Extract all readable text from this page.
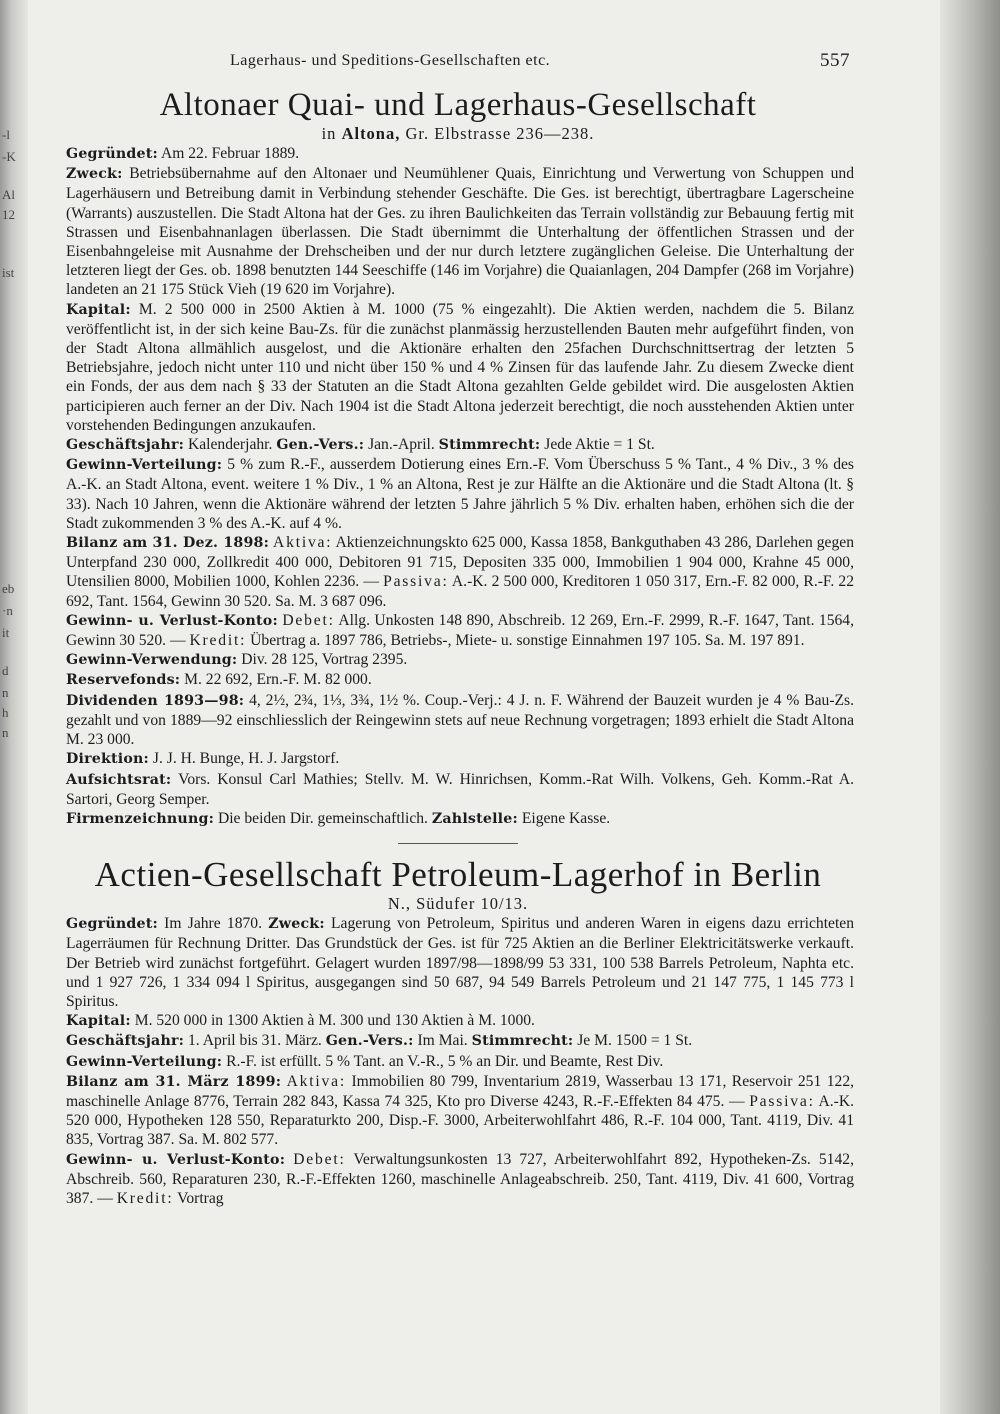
-l
-K
Al
12
ist
eb
·n
it
d
n
h
n
Lagerhaus- und Speditions-Gesellschaften etc.	557
Altonaer Quai- und Lagerhaus-Gesellschaft
in Altona, Gr. Elbstrasse 236—238.

Gegründet: Am 22. Februar 1889.

Zweck: Betriebsübernahme auf den Altonaer und Neumühlener Quais, Einrichtung und Verwertung von Schuppen und Lagerhäusern und Betreibung damit in Verbindung stehender Geschäfte. Die Ges. ist berechtigt, übertragbare Lagerscheine (Warrants) auszustellen. Die Stadt Altona hat der Ges. zu ihren Baulichkeiten das Terrain vollständig zur Bebauung fertig mit Strassen und Eisenbahnanlagen überlassen. Die Stadt übernimmt die Unterhaltung der öffentlichen Strassen und der Eisenbahngeleise mit Ausnahme der Drehscheiben und der nur durch letztere zugänglichen Geleise. Die Unterhaltung der letzteren liegt der Ges. ob. 1898 benutzten 144 Seeschiffe (146 im Vorjahre) die Quaianlagen, 204 Dampfer (268 im Vorjahre) landeten an 21 175 Stück Vieh (19 620 im Vorjahre).

Kapital: M. 2 500 000 in 2500 Aktien à M. 1000 (75 % eingezahlt). Die Aktien werden, nachdem die 5. Bilanz veröffentlicht ist, in der sich keine Bau-Zs. für die zunächst planmässig herzustellenden Bauten mehr aufgeführt finden, von der Stadt Altona allmählich ausgelost, und die Aktionäre erhalten den 25fachen Durchschnittsertrag der letzten 5 Betriebsjahre, jedoch nicht unter 110 und nicht über 150 % und 4 % Zinsen für das laufende Jahr. Zu diesem Zwecke dient ein Fonds, der aus dem nach § 33 der Statuten an die Stadt Altona gezahlten Gelde gebildet wird. Die ausgelosten Aktien participieren auch ferner an der Div. Nach 1904 ist die Stadt Altona jederzeit berechtigt, die noch ausstehenden Aktien unter vorstehenden Bedingungen anzukaufen.

Geschäftsjahr: Kalenderjahr. Gen.-Vers.: Jan.-April. Stimmrecht: Jede Aktie = 1 St.

Gewinn-Verteilung: 5 % zum R.-F., ausserdem Dotierung eines Ern.-F. Vom Überschuss 5 % Tant., 4 % Div., 3 % des A.-K. an Stadt Altona, event. weitere 1 % Div., 1 % an Altona, Rest je zur Hälfte an die Aktionäre und die Stadt Altona (lt. § 33). Nach 10 Jahren, wenn die Aktionäre während der letzten 5 Jahre jährlich 5 % Div. erhalten haben, erhöhen sich die der Stadt zukommenden 3 % des A.-K. auf 4 %.

Bilanz am 31. Dez. 1898: Aktiva: Aktienzeichnungskto 625 000, Kassa 1858, Bankguthaben 43 286, Darlehen gegen Unterpfand 230 000, Zollkredit 400 000, Debitoren 91 715, Depositen 335 000, Immobilien 1 904 000, Krahne 45 000, Utensilien 8000, Mobilien 1000, Kohlen 2236. — Passiva: A.-K. 2 500 000, Kreditoren 1 050 317, Ern.-F. 82 000, R.-F. 22 692, Tant. 1564, Gewinn 30 520. Sa. M. 3 687 096.

Gewinn- u. Verlust-Konto: Debet: Allg. Unkosten 148 890, Abschreib. 12 269, Ern.-F. 2999, R.-F. 1647, Tant. 1564, Gewinn 30 520. — Kredit: Übertrag a. 1897 786, Betriebs-, Miete- u. sonstige Einnahmen 197 105. Sa. M. 197 891.

Gewinn-Verwendung: Div. 28 125, Vortrag 2395.

Reservefonds: M. 22 692, Ern.-F. M. 82 000.

Dividenden 1893—98: 4, 2½, 2¾, 1⅓, 3¾, 1½ %. Coup.-Verj.: 4 J. n. F. Während der Bauzeit wurden je 4 % Bau-Zs. gezahlt und von 1889—92 einschliesslich der Reingewinn stets auf neue Rechnung vorgetragen; 1893 erhielt die Stadt Altona M. 23 000.

Direktion: J. J. H. Bunge, H. J. Jargstorf.

Aufsichtsrat: Vors. Konsul Carl Mathies; Stellv. M. W. Hinrichsen, Komm.-Rat Wilh. Volkens, Geh. Komm.-Rat A. Sartori, Georg Semper.

Firmenzeichnung: Die beiden Dir. gemeinschaftlich. Zahlstelle: Eigene Kasse.

Actien-Gesellschaft Petroleum-Lagerhof in Berlin
N., Südufer 10/13.

Gegründet: Im Jahre 1870. Zweck: Lagerung von Petroleum, Spiritus und anderen Waren in eigens dazu errichteten Lagerräumen für Rechnung Dritter. Das Grundstück der Ges. ist für 725 Aktien an die Berliner Elektricitätswerke verkauft. Der Betrieb wird zunächst fortgeführt. Gelagert wurden 1897/98—1898/99 53 331, 100 538 Barrels Petroleum, Naphta etc. und 1 927 726, 1 334 094 l Spiritus, ausgegangen sind 50 687, 94 549 Barrels Petroleum und 21 147 775, 1 145 773 l Spiritus.

Kapital: M. 520 000 in 1300 Aktien à M. 300 und 130 Aktien à M. 1000.

Geschäftsjahr: 1. April bis 31. März. Gen.-Vers.: Im Mai. Stimmrecht: Je M. 1500 = 1 St.

Gewinn-Verteilung: R.-F. ist erfüllt. 5 % Tant. an V.-R., 5 % an Dir. und Beamte, Rest Div.

Bilanz am 31. März 1899: Aktiva: Immobilien 80 799, Inventarium 2819, Wasserbau 13 171, Reservoir 251 122, maschinelle Anlage 8776, Terrain 282 843, Kassa 74 325, Kto pro Diverse 4243, R.-F.-Effekten 84 475. — Passiva: A.-K. 520 000, Hypotheken 128 550, Reparaturkto 200, Disp.-F. 3000, Arbeiterwohlfahrt 486, R.-F. 104 000, Tant. 4119, Div. 41 835, Vortrag 387. Sa. M. 802 577.

Gewinn- u. Verlust-Konto: Debet: Verwaltungsunkosten 13 727, Arbeiterwohlfahrt 892, Hypotheken-Zs. 5142, Abschreib. 560, Reparaturen 230, R.-F.-Effekten 1260, maschinelle Anlageabschreib. 250, Tant. 4119, Div. 41 600, Vortrag 387. — Kredit: Vortrag
